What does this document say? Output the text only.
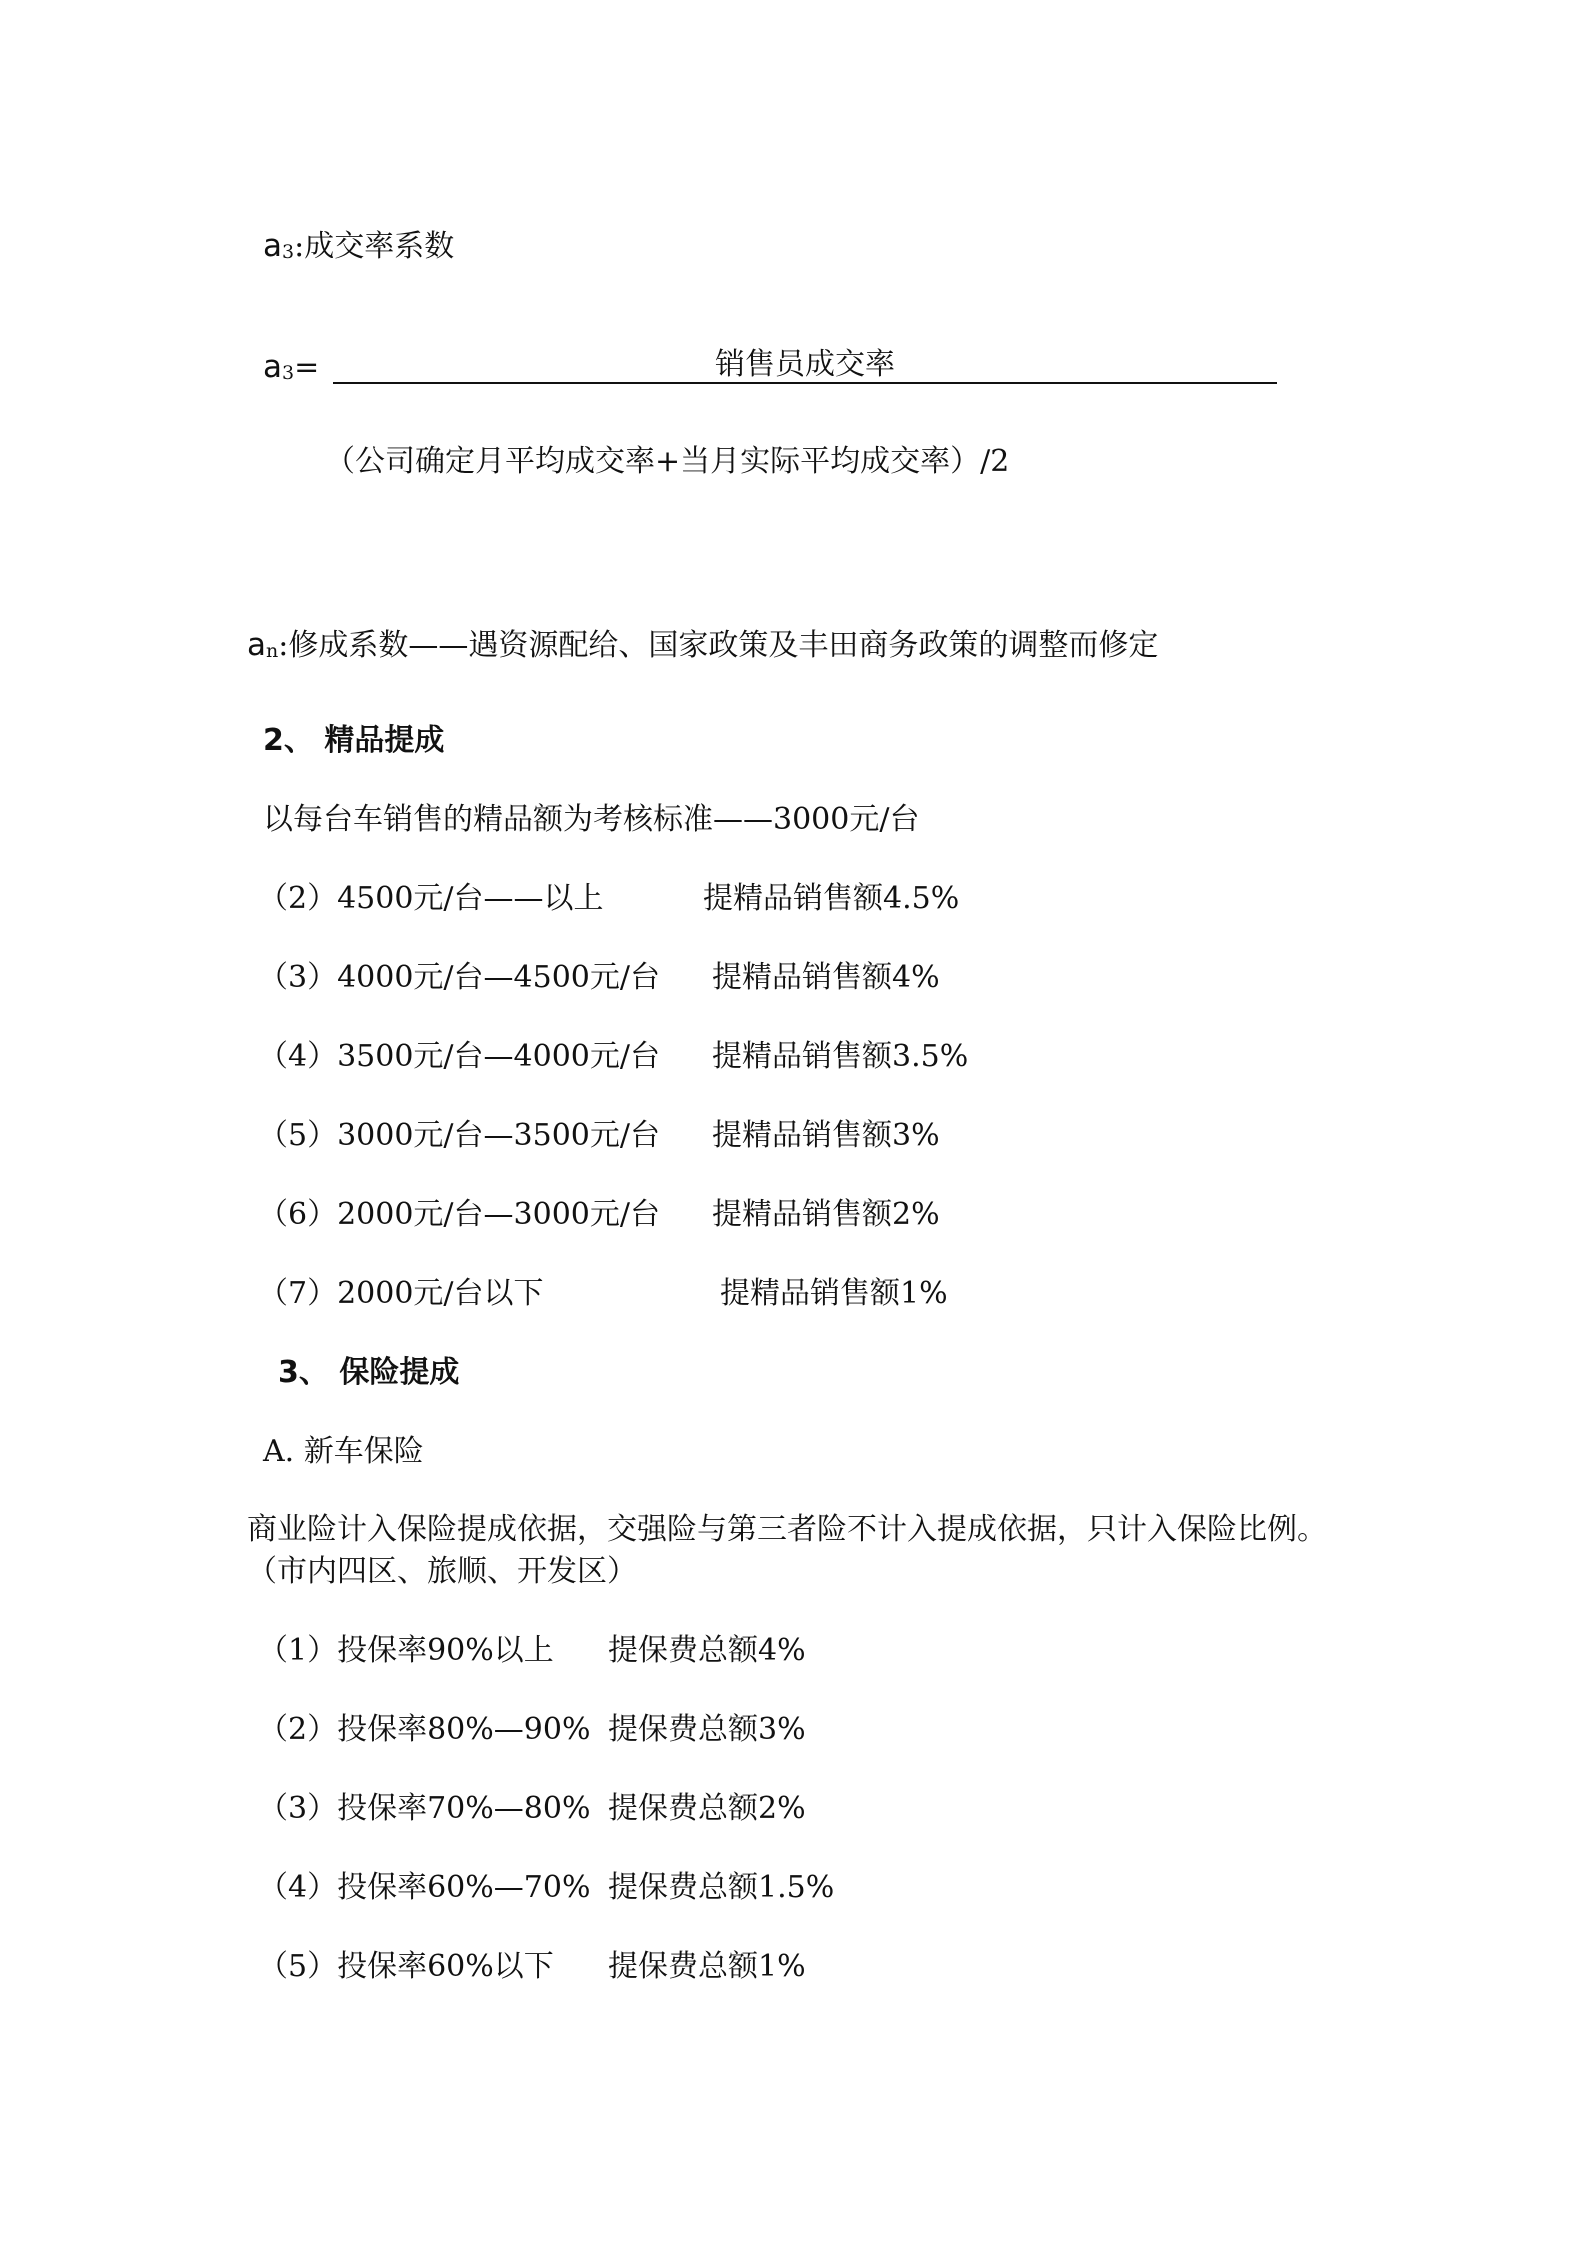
a3:成交率系数
a3=	销售员成交率
（公司确定月平均成交率+当月实际平均成交率）/2
an:修成系数——遇资源配给、国家政策及丰田商务政策的调整而修定
2、 精品提成
以每台车销售的精品额为考核标准——3000元/台
（2）4500元/台——以上	提精品销售额4.5%
（3）4000元/台—4500元/台 提精品销售额4%
（4）3500元/台—4000元/台 提精品销售额3.5%
（5）3000元/台—3500元/台 提精品销售额3%
（6）2000元/台—3000元/台 提精品销售额2%
（7）2000元/台以下	提精品销售额1%
3、 保险提成
A. 新车保险
商业险计入保险提成依据，交强险与第三者险不计入提成依据，只计入保险比例。
（市内四区、旅顺、开发区）
（1）投保率90%以上 提保费总额4%
（2）投保率80%—90% 提保费总额3%
（3）投保率70%—80% 提保费总额2%
（4）投保率60%—70% 提保费总额1.5%
（5）投保率60%以下 提保费总额1%
